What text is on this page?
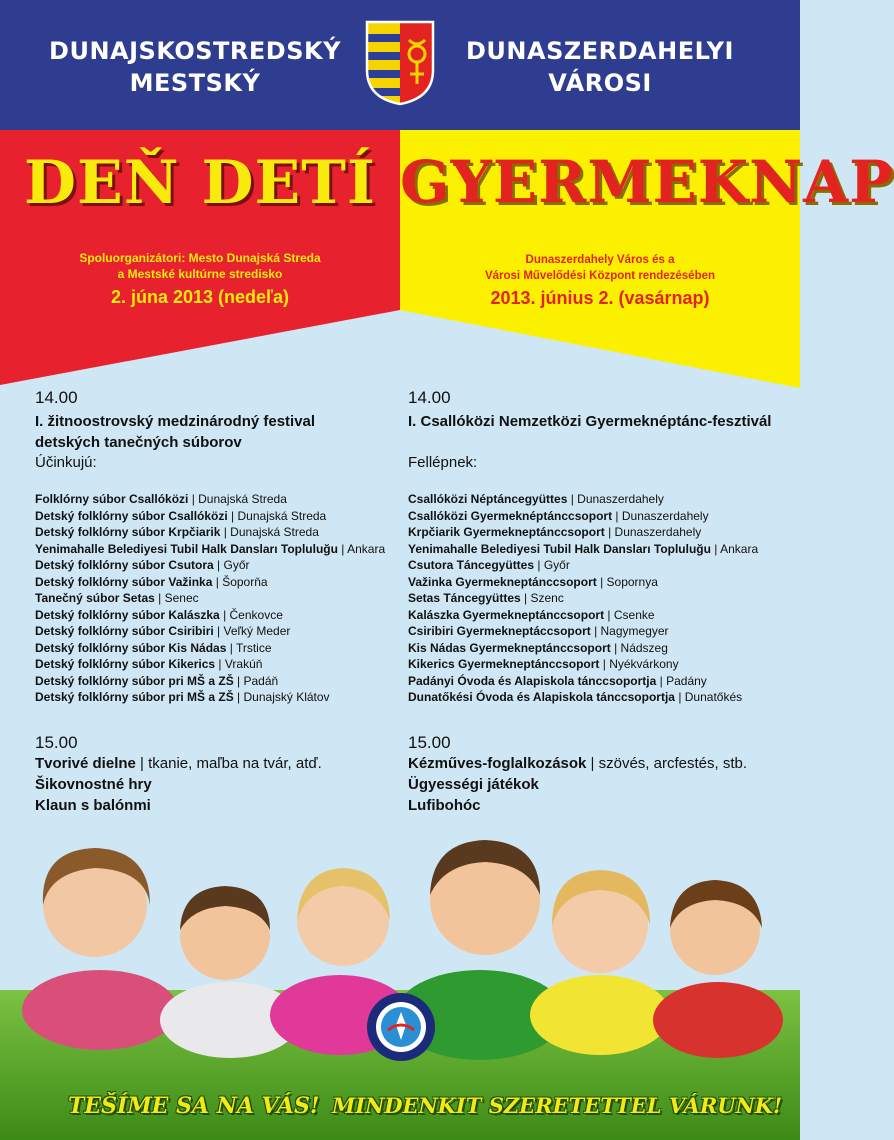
DUNAJSKOSTREDSKÝ
MESTSKÝ
DUNASZERDAHELYI
VÁROSI
DEŇ DETÍ GYERMEKNAP
Spoluorganizátori: Mesto Dunajská Streda
a Mestské kultúrne stredisko
2. júna 2013 (nedeľa)
Dunaszerdahely Város és a
Városi Művelődési Központ rendezésében
2013. június 2. (vasárnap)
14.00
I. žitnoostrovský medzinárodný festival
detských tanečných súborov
Účinkujú:
Folklórny súbor Csallóközi | Dunajská Streda
Detský folklórny súbor Csallóközi | Dunajská Streda
Detský folklórny súbor Krpčiarik | Dunajská Streda
Yenimahalle Belediyesi Tubil Halk Dansları Topluluğu | Ankara
Detský folklórny súbor Csutora | Győr
Detský folklórny súbor Važinka | Šoporňa
Tanečný súbor Setas | Senec
Detský folklórny súbor Kalászka | Čenkovce
Detský folklórny súbor Csiribiri | Veľký Meder
Detský folklórny súbor Kis Nádas | Trstice
Detský folklórny súbor Kikerics | Vrakúň
Detský folklórny súbor pri MŠ a ZŠ | Padáň
Detský folklórny súbor pri MŠ a ZŠ | Dunajský Klátov
15.00
Tvorivé dielne | tkanie, maľba na tvár, atď.
Šikovnostné hry
Klaun s balónmi
14.00
I. Csallóközi Nemzetközi Gyermeknéptánc-fesztivál
Fellépnek:
Csallóközi Néptáncegyüttes | Dunaszerdahely
Csallóközi Gyermeknéptánccsoport | Dunaszerdahely
Krpčiarik Gyermekneptánccsoport | Dunaszerdahely
Yenimahalle Belediyesi Tubil Halk Dansları Topluluğu | Ankara
Csutora Táncegyüttes | Győr
Važinka Gyermekneptánccsoport | Sopornya
Setas Táncegyüttes | Szenc
Kalászka Gyermekneptánccsoport | Csenke
Csiribiri Gyermekneptáccsoport | Nagymegyer
Kis Nádas Gyermekneptánccsoport | Nádszeg
Kikerics Gyermekneptánccsoport | Nyékvárkony
Padányi Óvoda és Alapiskola tánccsoportja | Padány
Dunatőkési Óvoda és Alapiskola tánccsoportja | Dunatőkés
15.00
Kézműves-foglalkozások | szövés, arcfestés, stb.
Ügyességi játékok
Lufibohóc
TEŠÍME SA NA VÁS! MINDENKIT SZERETETTEL VÁRUNK!
